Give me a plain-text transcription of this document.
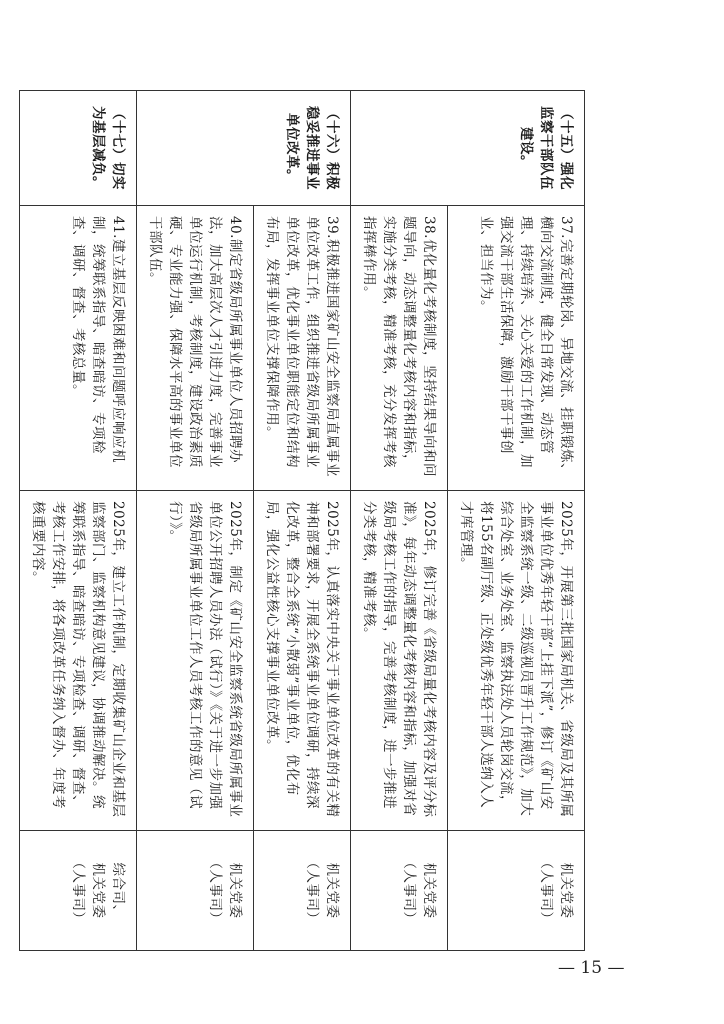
（十五）强化监察干部队伍建设。	37.完善定期轮岗、异地交流、挂职锻炼、横向交流制度，健全日常发现、动态管理、持续培养、关心关爱的工作机制，加强交流干部生活保障，激励干部干事创业、担当作为。	2025年，开展第三批国家局机关、省级局及其所属事业单位优秀年轻干部“上挂下派”，修订《矿山安全监察系统一级、二级巡视员晋升工作规范》，加大综合处室、业务处室、监察执法处人员轮岗交流，将155名副厅级、正处级优秀年轻干部人选纳入人才库管理。	机关党委
（人事司）

	38.优化量化考核制度，坚持结果导向和问题导向，动态调整量化考核内容和指标，实施分类考核，精准考核，充分发挥考核指挥棒作用。	2025年，修订完善《省级局量化考核内容及评分标准》，每年动态调整量化考核内容和指标，加强对省级局考核工作的指导，完善考核制度，进一步推进分类考核，精准考核。	机关党委
（人事司）

（十六）积极稳妥推进事业单位改革。	39.积极推进国家矿山安全监察局直属事业单位改革工作，组织推进省级局所属事业单位改革，优化事业单位职能定位和结构布局，发挥事业单位支撑保障作用。	2025年，认真落实中央关于事业单位改革的有关精神和部署要求，开展全系统事业单位调研，持续深化改革，整合全系统“小散弱”事业单位，优化布局，强化公益性核心支撑事业单位改革。	机关党委
（人事司）

	40.制定省级局所属事业单位人员招聘办法，加大高层次人才引进力度，完善事业单位运行机制，考核制度，建设政治素质硬、专业能力强、保障水平高的事业单位干部队伍。	2025年，制定《矿山安全监察系统省级局所属事业单位公开招聘人员办法（试行）》《关于进一步加强省级局所属事业单位工作人员考核工作的意见（试行）》。	机关党委
（人事司）

（十七）切实为基层减负。	41.建立基层反映困难和问题呼应响应机制，统筹联系指导、暗查暗访、专项检查、调研、督查、考核总量。	2025年，建立工作机制，定期收集矿山企业和基层监察部门、监察机构意见建议，协调推动解决。统筹联系指导、暗查暗访、专项检查、调研、督查、考核工作安排，将各项改革任务纳入督办、年度考核重要内容。	综合司、
机关党委
（人事司）
— 15 —
